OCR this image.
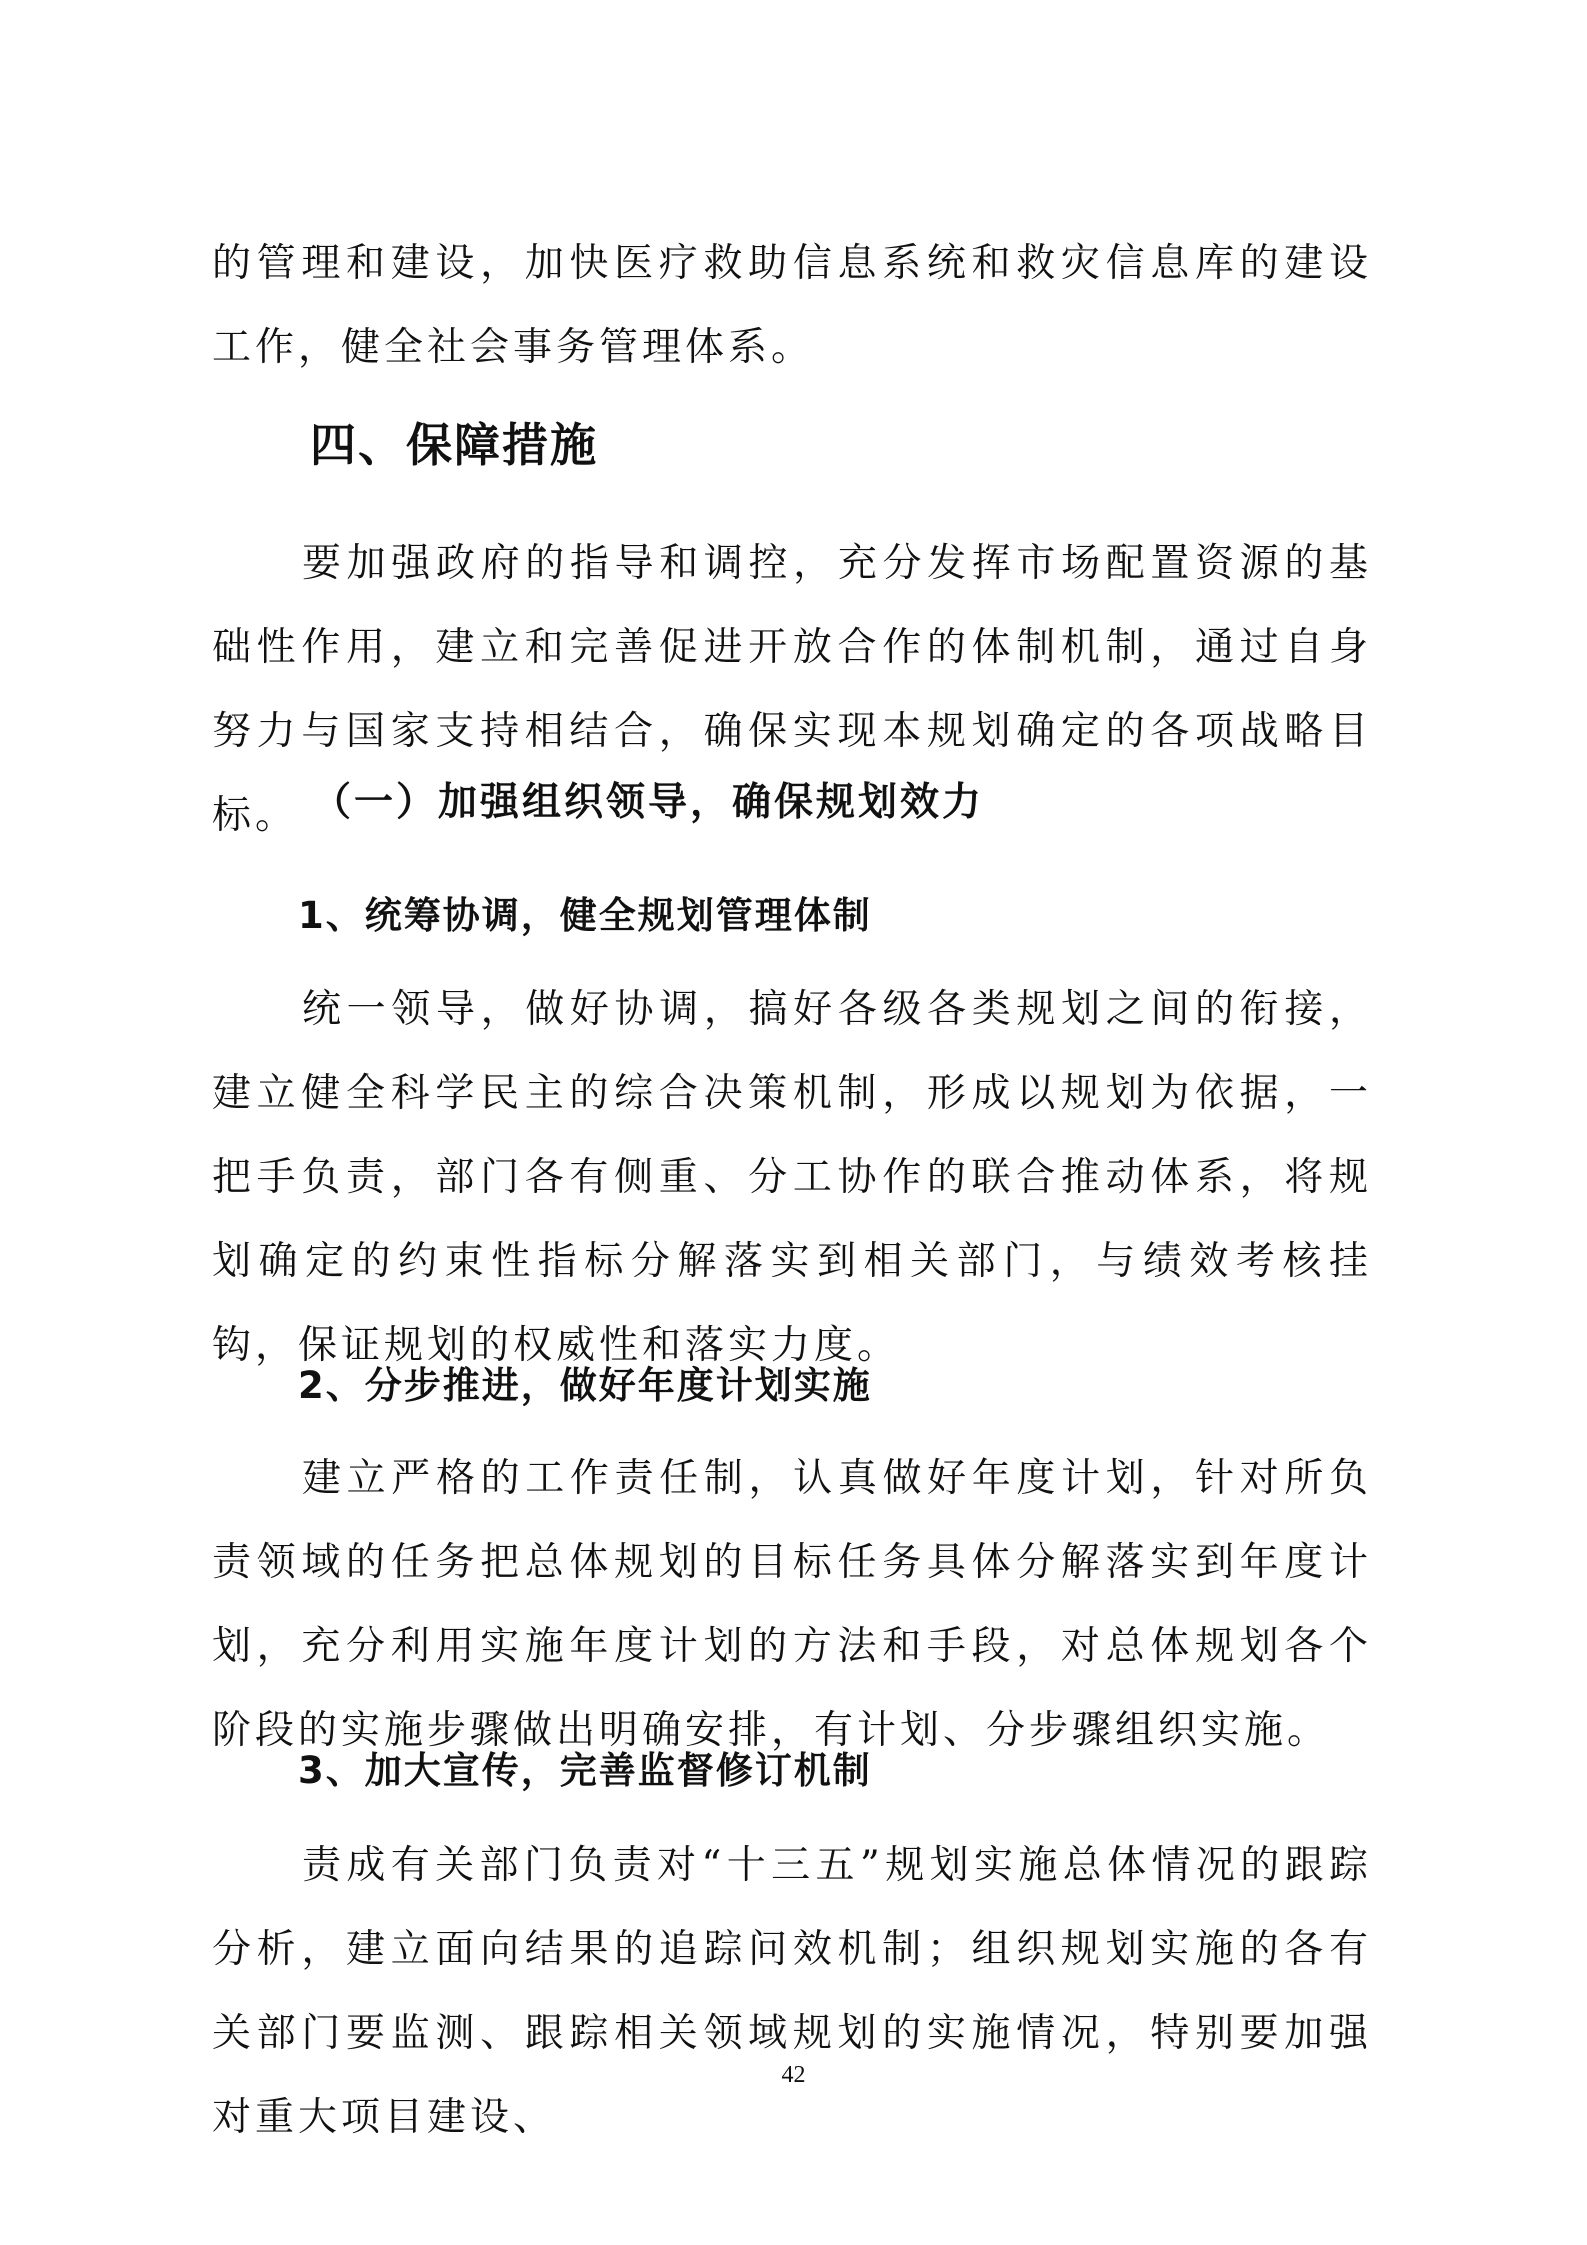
的管理和建设，加快医疗救助信息系统和救灾信息库的建设工作，健全社会事务管理体系。

四、保障措施

要加强政府的指导和调控，充分发挥市场配置资源的基础性作用，建立和完善促进开放合作的体制机制，通过自身努力与国家支持相结合，确保实现本规划确定的各项战略目标。 （一）加强组织领导，确保规划效力
1、统筹协调，健全规划管理体制

统一领导，做好协调，搞好各级各类规划之间的衔接，建立健全科学民主的综合决策机制，形成以规划为依据，一把手负责，部门各有侧重、分工协作的联合推动体系，将规划确定的约束性指标分解落实到相关部门，与绩效考核挂钩，保证规划的权威性和落实力度。

2、分步推进，做好年度计划实施

建立严格的工作责任制，认真做好年度计划，针对所负责领域的任务把总体规划的目标任务具体分解落实到年度计划，充分利用实施年度计划的方法和手段，对总体规划各个阶段的实施步骤做出明确安排，有计划、分步骤组织实施。

3、加大宣传，完善监督修订机制

责成有关部门负责对“十三五”规划实施总体情况的跟踪分析，建立面向结果的追踪问效机制；组织规划实施的各有关部门要监测、跟踪相关领域规划的实施情况，特别要加强对重大项目建设、

42
